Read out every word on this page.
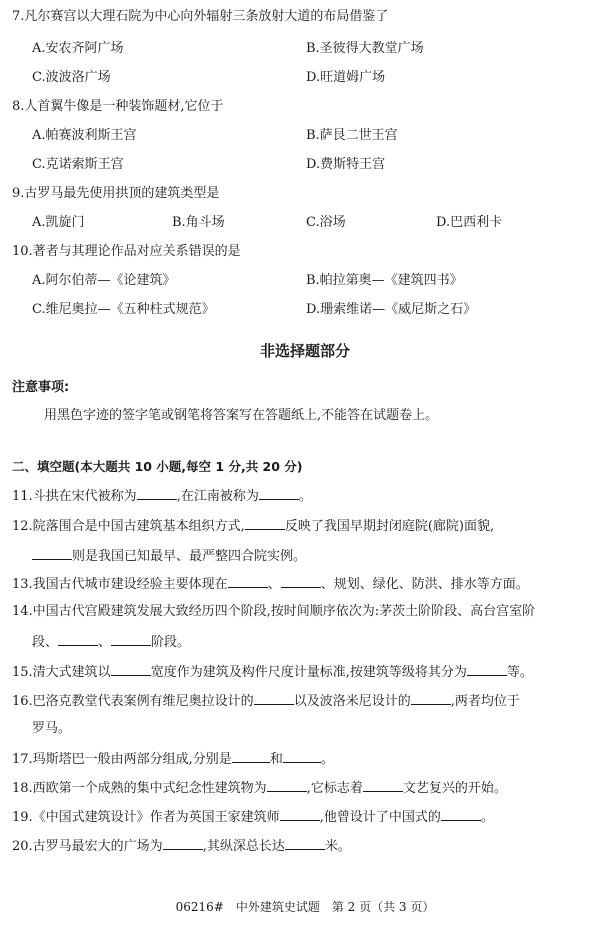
7.凡尔赛宫以大理石院为中心向外辐射三条放射大道的布局借鉴了
A.安农齐阿广场	B.圣彼得大教堂广场
C.波波洛广场	D.旺道姆广场
8.人首翼牛像是一种装饰题材,它位于
A.帕赛波利斯王宫	B.萨艮二世王宫
C.克诺索斯王宫	D.费斯特王宫
9.古罗马最先使用拱顶的建筑类型是
A.凯旋门	B.角斗场	C.浴场	D.巴西利卡
10.著者与其理论作品对应关系错误的是
A.阿尔伯蒂—《论建筑》	B.帕拉第奥—《建筑四书》
C.维尼奥拉—《五种柱式规范》	D.珊索维诺—《威尼斯之石》
非选择题部分
注意事项:
用黑色字迹的签字笔或钢笔将答案写在答题纸上,不能答在试题卷上。
二、填空题(本大题共 10 小题,每空 1 分,共 20 分)
11.斗拱在宋代被称为	,在江南被称为	。
12.院落围合是中国古建筑基本组织方式,	反映了我国早期封闭庭院(廊院)面貌,
则是我国已知最早、最严整四合院实例。
13.我国古代城市建设经验主要体现在	、	、规划、绿化、防洪、排水等方面。
14.中国古代宫殿建筑发展大致经历四个阶段,按时间顺序依次为:茅茨土阶阶段、高台宫室阶
段、	、	阶段。
15.清大式建筑以	宽度作为建筑及构件尺度计量标准,按建筑等级将其分为	等。
16.巴洛克教堂代表案例有维尼奥拉设计的	以及波洛米尼设计的	,两者均位于
罗马。
17.玛斯塔巴一般由两部分组成,分别是	和	。
18.西欧第一个成熟的集中式纪念性建筑物为	,它标志着	文艺复兴的开始。
19.《中国式建筑设计》作者为英国王家建筑师	,他曾设计了中国式的	。
20.古罗马最宏大的广场为	,其纵深总长达	米。
06216#　中外建筑史试题　第 2 页（共 3 页）
